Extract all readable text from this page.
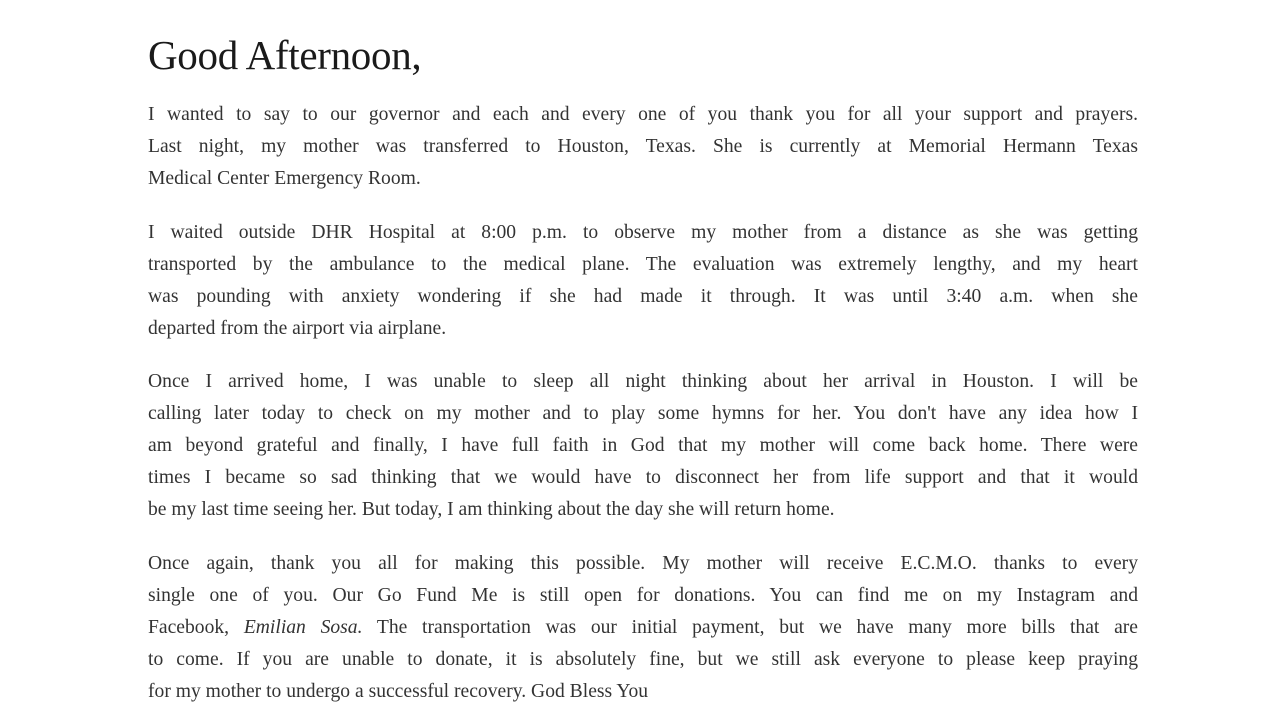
Good Afternoon,

I wanted to say to our governor and each and every one of you thank you for all your support and prayers.
Last night, my mother was transferred to Houston, Texas. She is currently at Memorial Hermann Texas
Medical Center Emergency Room.

I waited outside DHR Hospital at 8:00 p.m. to observe my mother from a distance as she was getting
transported by the ambulance to the medical plane. The evaluation was extremely lengthy, and my heart
was pounding with anxiety wondering if she had made it through. It was until 3:40 a.m. when she
departed from the airport via airplane.

Once I arrived home, I was unable to sleep all night thinking about her arrival in Houston. I will be
calling later today to check on my mother and to play some hymns for her. You don't have any idea how I
am beyond grateful and finally, I have full faith in God that my mother will come back home. There were
times I became so sad thinking that we would have to disconnect her from life support and that it would
be my last time seeing her. But today, I am thinking about the day she will return home.

Once again, thank you all for making this possible. My mother will receive E.C.M.O. thanks to every
single one of you. Our Go Fund Me is still open for donations. You can find me on my Instagram and
Facebook, Emilian Sosa. The transportation was our initial payment, but we have many more bills that are
to come. If you are unable to donate, it is absolutely fine, but we still ask everyone to please keep praying
for my mother to undergo a successful recovery. God Bless You
